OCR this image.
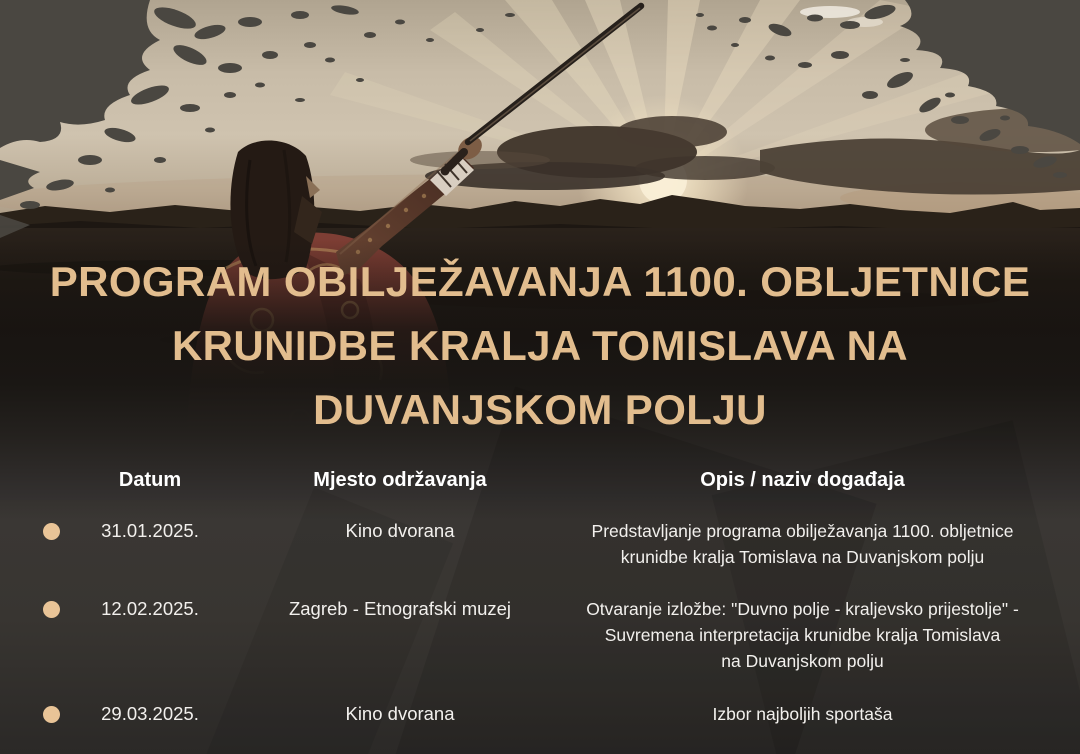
PROGRAM OBILJEŽAVANJA 1100. OBLJETNICE
KRUNIDBE KRALJA TOMISLAVA NA
DUVANJSKOM POLJU
Datum	Mjesto održavanja	Opis / naziv događaja
31.01.2025.	Kino dvorana	Predstavljanje programa obilježavanja 1100. obljetnice
krunidbe kralja Tomislava na Duvanjskom polju
12.02.2025.	Zagreb - Etnografski muzej	Otvaranje izložbe: "Duvno polje - kraljevsko prijestolje" -
Suvremena interpretacija krunidbe kralja Tomislava
na Duvanjskom polju
29.03.2025.	Kino dvorana	Izbor najboljih sportaša
